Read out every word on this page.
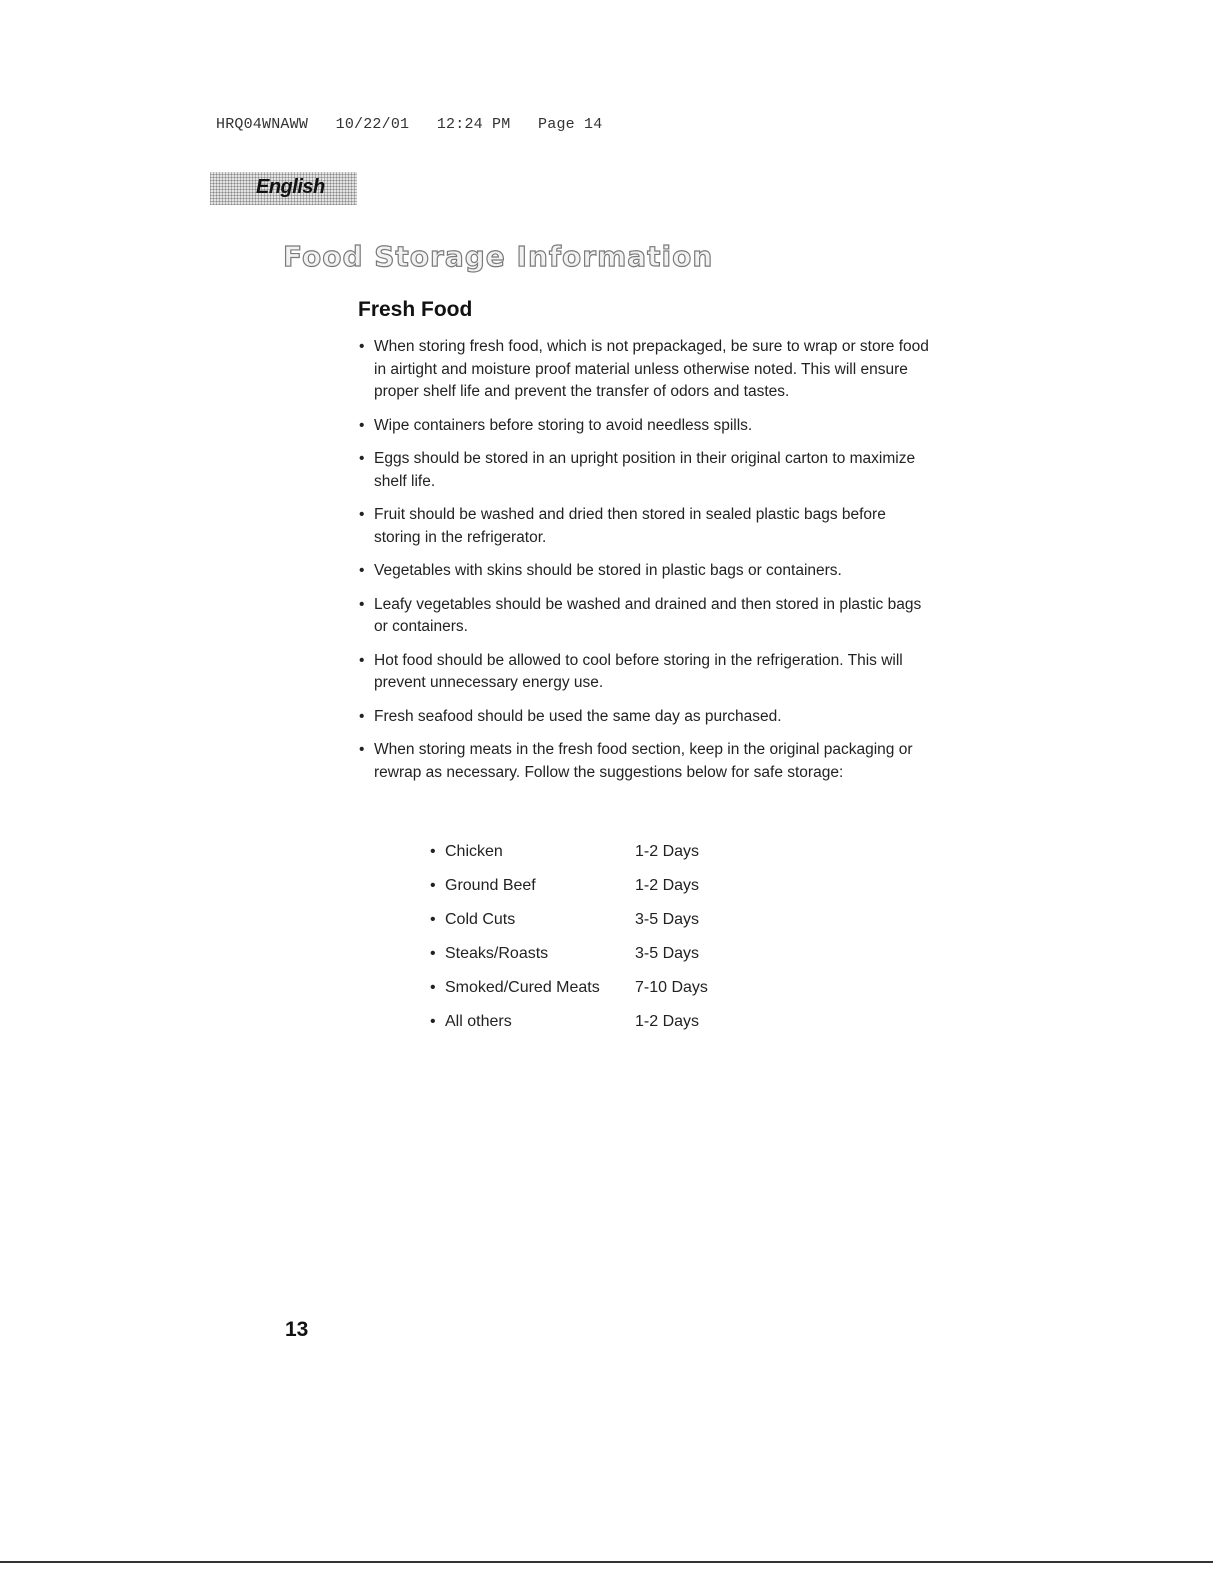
HRQ04WNAWW   10/22/01   12:24 PM   Page 14
English
Food Storage Information
Fresh Food
• When storing fresh food, which is not prepackaged, be sure to wrap or store food in airtight and moisture proof material unless otherwise noted. This will ensure proper shelf life and prevent the transfer of odors and tastes.
• Wipe containers before storing to avoid needless spills.
• Eggs should be stored in an upright position in their original carton to maximize shelf life.
• Fruit should be washed and dried then stored in sealed plastic bags before storing in the refrigerator.
• Vegetables with skins should be stored in plastic bags or containers.
• Leafy vegetables should be washed and drained and then stored in plastic bags or containers.
• Hot food should be allowed to cool before storing in the refrigeration. This will prevent unnecessary energy use.
• Fresh seafood should be used the same day as purchased.
• When storing meats in the fresh food section, keep in the original packaging or rewrap as necessary. Follow the suggestions below for safe storage:
• Chicken	1-2 Days
• Ground Beef	1-2 Days
• Cold Cuts	3-5 Days
• Steaks/Roasts	3-5 Days
• Smoked/Cured Meats	7-10 Days
• All others	1-2 Days
13
